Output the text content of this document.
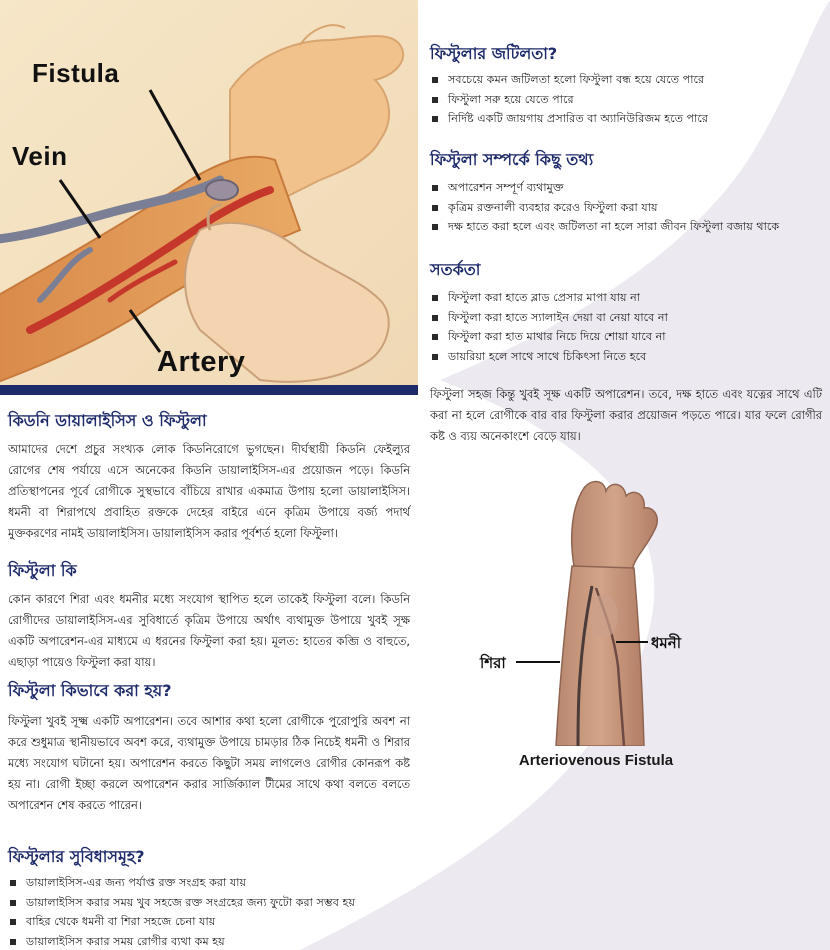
Fistula
Vein
Artery
কিডনি ডায়ালাইসিস ও ফিস্টুলা

আমাদের দেশে প্রচুর সংখ্যক লোক কিডনিরোগে ভুগছেন। দীর্ঘস্থায়ী কিডনি ফেইল্যুর রোগের শেষ পর্যায়ে এসে অনেকের কিডনি ডায়ালাইসিস-এর প্রয়োজন পড়ে। কিডনি প্রতিস্থাপনের পূর্বে রোগীকে সুস্থভাবে বাঁচিয়ে রাখার একমাত্র উপায় হলো ডায়ালাইসিস। ধমনী বা শিরাপথে প্রবাহিত রক্তকে দেহের বাইরে এনে কৃত্রিম উপায়ে বর্জ্য পদার্থ মুক্তকরণের নামই ডায়ালাইসিস। ডায়ালাইসিস করার পূর্বশর্ত হলো ফিস্টুলা।

ফিস্টুলা কি

কোন কারণে শিরা এবং ধমনীর মধ্যে সংযোগ স্থাপিত হলে তাকেই ফিস্টুলা বলে। কিডনি রোগীদের ডায়ালাইসিস-এর সুবিধার্তে কৃত্রিম উপায়ে অর্থাৎ ব্যথামুক্ত উপায়ে খুবই সূক্ষ একটি অপারেশন-এর মাধ্যমে এ ধরনের ফিস্টুলা করা হয়। মূলত: হাতের কব্জি ও বাহুতে, এছাড়া পায়েও ফিস্টুলা করা যায়।

ফিস্টুলা কিভাবে করা হয়?

ফিস্টুলা খুবই সূক্ষ্ম একটি অপারেশন। তবে আশার কথা হলো রোগীকে পুরোপুরি অবশ না করে শুধুমাত্র স্থানীয়ভাবে অবশ করে, ব্যথামুক্ত উপায়ে চামড়ার ঠিক নিচেই ধমনী ও শিরার মধ্যে সংযোগ ঘটানো হয়। অপারেশন করতে কিছুটা সময় লাগলেও রোগীর কোনরূপ কষ্ট হয় না। রোগী ইচ্ছা করলে অপারেশন করার সার্জিক্যাল টীমের সাথে কথা বলতে বলতে অপারেশন শেষ করতে পারেন।

ফিস্টুলার সুবিধাসমূহ?
ডায়ালাইসিস-এর জন্য পর্যাপ্ত রক্ত সংগ্রহ করা যায়
ডায়ালাইসিস করার সময় খুব সহজে রক্ত সংগ্রহের জন্য ফুটো করা সম্ভব হয়
বাহির থেকে ধমনী বা শিরা সহজে চেনা যায়
ডায়ালাইসিস করার সময় রোগীর ব্যথা কম হয়
ফিস্টুলার জটিলতা?
সবচেয়ে কমন জটিলতা হলো ফিস্টুলা বন্ধ হয়ে যেতে পারে
ফিস্টুলা সরু হয়ে যেতে পারে
নির্দিষ্ট একটি জায়গায় প্রসারিত বা অ্যানিউরিজম হতে পারে
ফিস্টুলা সম্পর্কে কিছু তথ্য
অপারেশন সম্পূর্ণ ব্যথামুক্ত
কৃত্রিম রক্তনালী ব্যবহার করেও ফিস্টুলা করা যায়
দক্ষ হাতে করা হলে এবং জটিলতা না হলে সারা জীবন ফিস্টুলা বজায় থাকে
সতর্কতা
ফিস্টুলা করা হাতে ব্লাড প্রেসার মাপা যায় না
ফিস্টুলা করা হাতে স্যালাইন দেয়া বা নেয়া যাবে না
ফিস্টুলা করা হাত মাথার নিচে দিয়ে শোয়া যাবে না
ডায়রিয়া হলে সাথে সাথে চিকিৎসা নিতে হবে

ফিস্টুলা সহজ কিন্তু খুবই সূক্ষ একটি অপারেশন। তবে, দক্ষ হাতে এবং যত্নের সাথে এটি করা না হলে রোগীকে বার বার ফিস্টুলা করার প্রয়োজন পড়তে পারে। যার ফলে রোগীর কষ্ট ও ব্যয় অনেকাংশে বেড়ে যায়।

শিরা
ধমনী
Arteriovenous Fistula
